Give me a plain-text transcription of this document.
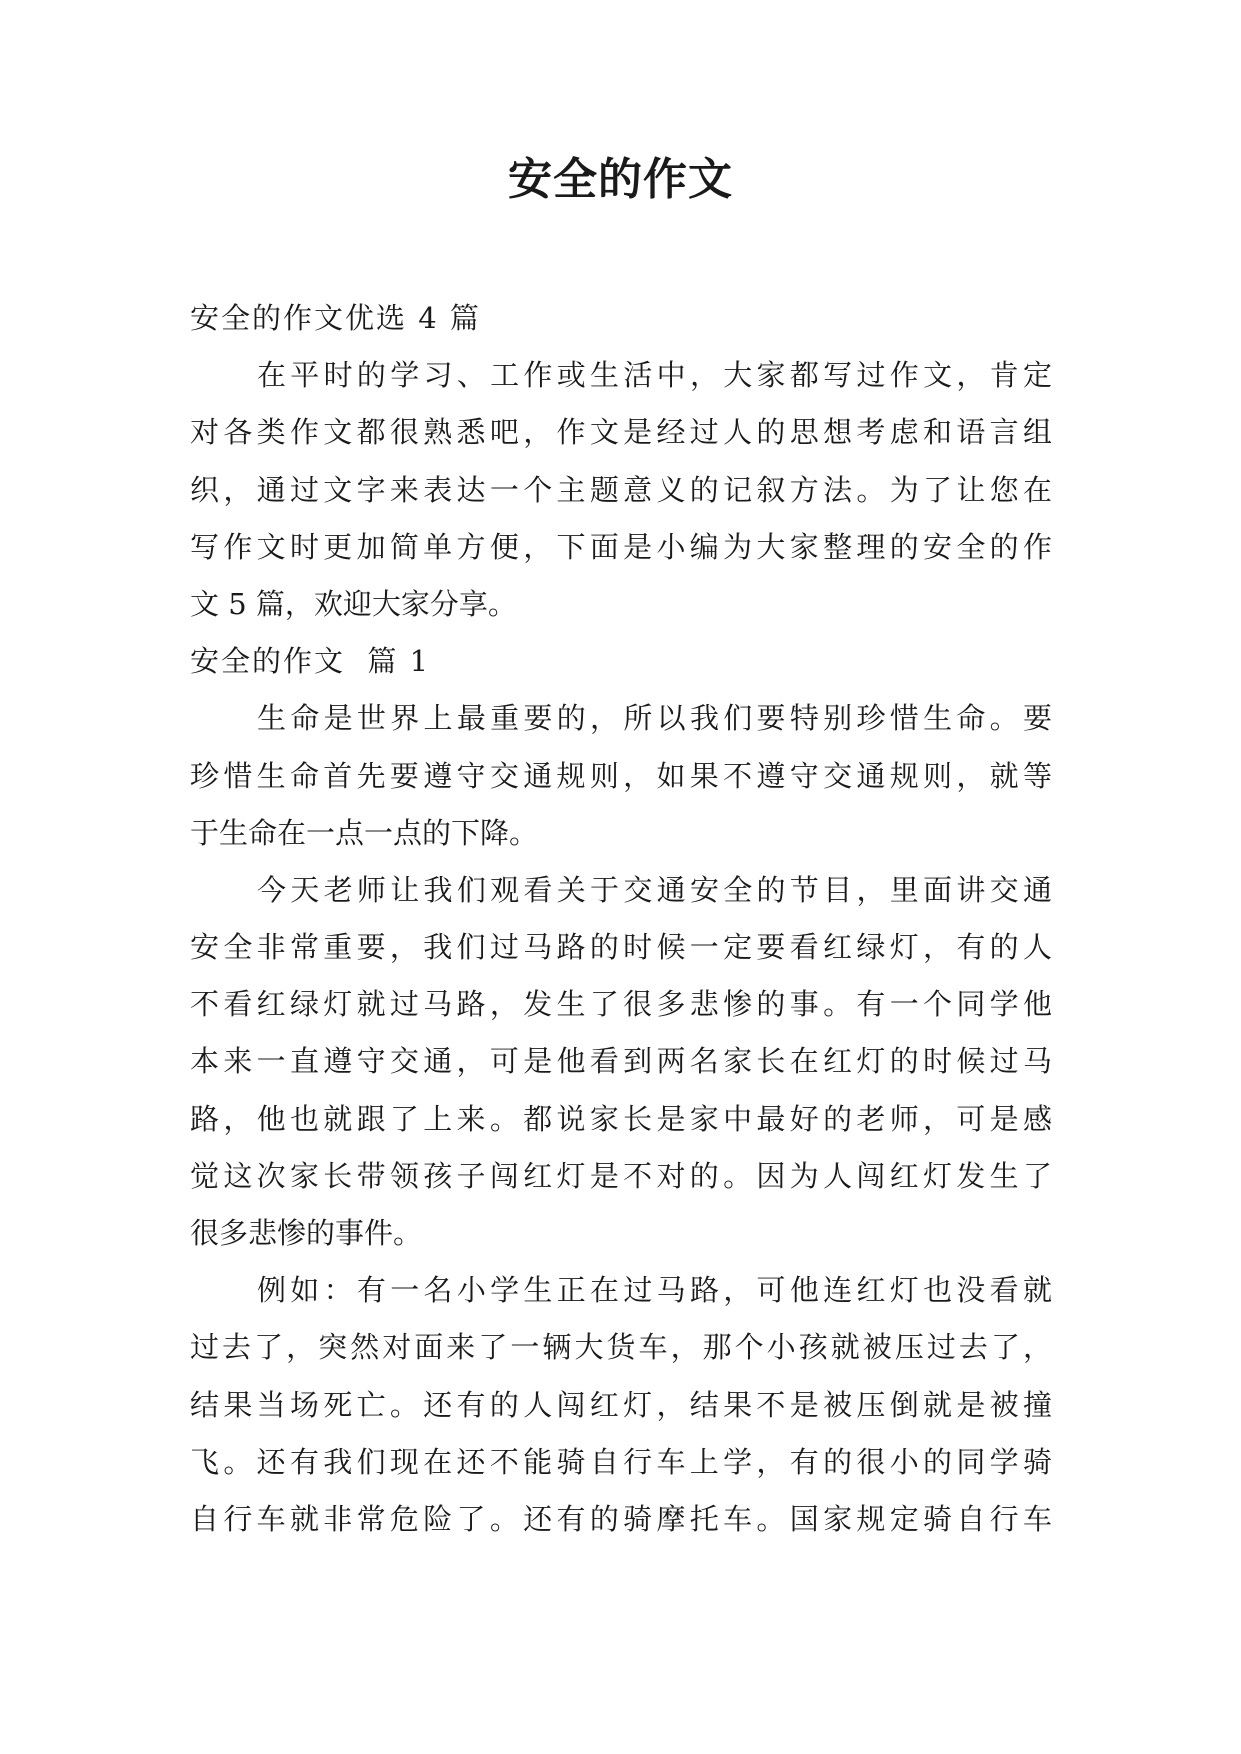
安全的作文
安全的作文优选 4 篇
在平时的学习、工作或生活中，大家都写过作文，肯定
对各类作文都很熟悉吧，作文是经过人的思想考虑和语言组
织，通过文字来表达一个主题意义的记叙方法。为了让您在
写作文时更加简单方便，下面是小编为大家整理的安全的作
文 5 篇，欢迎大家分享。
安全的作文  篇 1
生命是世界上最重要的，所以我们要特别珍惜生命。要
珍惜生命首先要遵守交通规则，如果不遵守交通规则，就等
于生命在一点一点的下降。
今天老师让我们观看关于交通安全的节目，里面讲交通
安全非常重要，我们过马路的时候一定要看红绿灯，有的人
不看红绿灯就过马路，发生了很多悲惨的事。有一个同学他
本来一直遵守交通，可是他看到两名家长在红灯的时候过马
路，他也就跟了上来。都说家长是家中最好的老师，可是感
觉这次家长带领孩子闯红灯是不对的。因为人闯红灯发生了
很多悲惨的事件。
例如：有一名小学生正在过马路，可他连红灯也没看就
过去了，突然对面来了一辆大货车，那个小孩就被压过去了，
结果当场死亡。还有的人闯红灯，结果不是被压倒就是被撞
飞。还有我们现在还不能骑自行车上学，有的很小的同学骑
自行车就非常危险了。还有的骑摩托车。国家规定骑自行车
